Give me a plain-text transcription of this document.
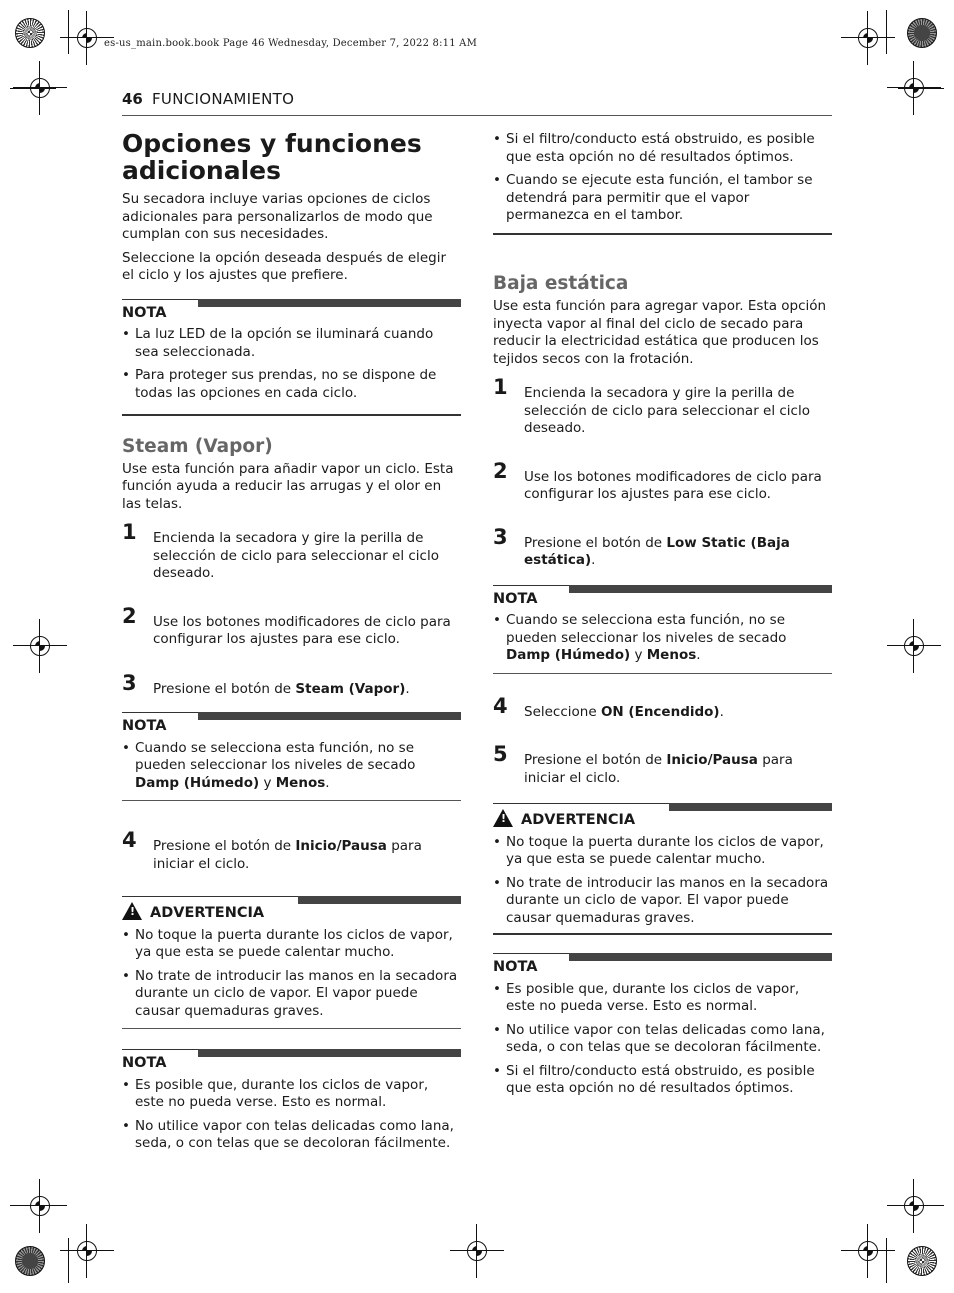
es-us_main.book.book Page 46 Wednesday, December 7, 2022 8:11 AM
46 FUNCIONAMIENTO
Opciones y funciones adicionales

Su secadora incluye varias opciones de ciclos adicionales para personalizarlos de modo que cumplan con sus necesidades.

Seleccione la opción deseada después de elegir el ciclo y los ajustes que prefiere.

NOTA
• La luz LED de la opción se iluminará cuando sea seleccionada.
• Para proteger sus prendas, no se dispone de todas las opciones en cada ciclo.
Steam (Vapor)

Use esta función para añadir vapor un ciclo. Esta función ayuda a reducir las arrugas y el olor en las telas.

1 Encienda la secadora y gire la perilla de selección de ciclo para seleccionar el ciclo deseado.
2 Use los botones modificadores de ciclo para configurar los ajustes para ese ciclo.
3 Presione el botón de Steam (Vapor).
NOTA
• Cuando se selecciona esta función, no se pueden seleccionar los niveles de secado Damp (Húmedo) y Menos.
4 Presione el botón de Inicio/Pausa para iniciar el ciclo.
! ADVERTENCIA
• No toque la puerta durante los ciclos de vapor, ya que esta se puede calentar mucho.
• No trate de introducir las manos en la secadora durante un ciclo de vapor. El vapor puede causar quemaduras graves.
NOTA
• Es posible que, durante los ciclos de vapor, este no pueda verse. Esto es normal.
• No utilice vapor con telas delicadas como lana, seda, o con telas que se decoloran fácilmente.
• Si el filtro/conducto está obstruido, es posible que esta opción no dé resultados óptimos.
• Cuando se ejecute esta función, el tambor se detendrá para permitir que el vapor permanezca en el tambor.
Baja estática

Use esta función para agregar vapor. Esta opción inyecta vapor al final del ciclo de secado para reducir la electricidad estática que producen los tejidos secos con la frotación.

1 Encienda la secadora y gire la perilla de selección de ciclo para seleccionar el ciclo deseado.
2 Use los botones modificadores de ciclo para configurar los ajustes para ese ciclo.
3 Presione el botón de Low Static (Baja estática).
NOTA
• Cuando se selecciona esta función, no se pueden seleccionar los niveles de secado Damp (Húmedo) y Menos.
4 Seleccione ON (Encendido).
5 Presione el botón de Inicio/Pausa para iniciar el ciclo.
! ADVERTENCIA
• No toque la puerta durante los ciclos de vapor, ya que esta se puede calentar mucho.
• No trate de introducir las manos en la secadora durante un ciclo de vapor. El vapor puede causar quemaduras graves.
NOTA
• Es posible que, durante los ciclos de vapor, este no pueda verse. Esto es normal.
• No utilice vapor con telas delicadas como lana, seda, o con telas que se decoloran fácilmente.
• Si el filtro/conducto está obstruido, es posible que esta opción no dé resultados óptimos.
